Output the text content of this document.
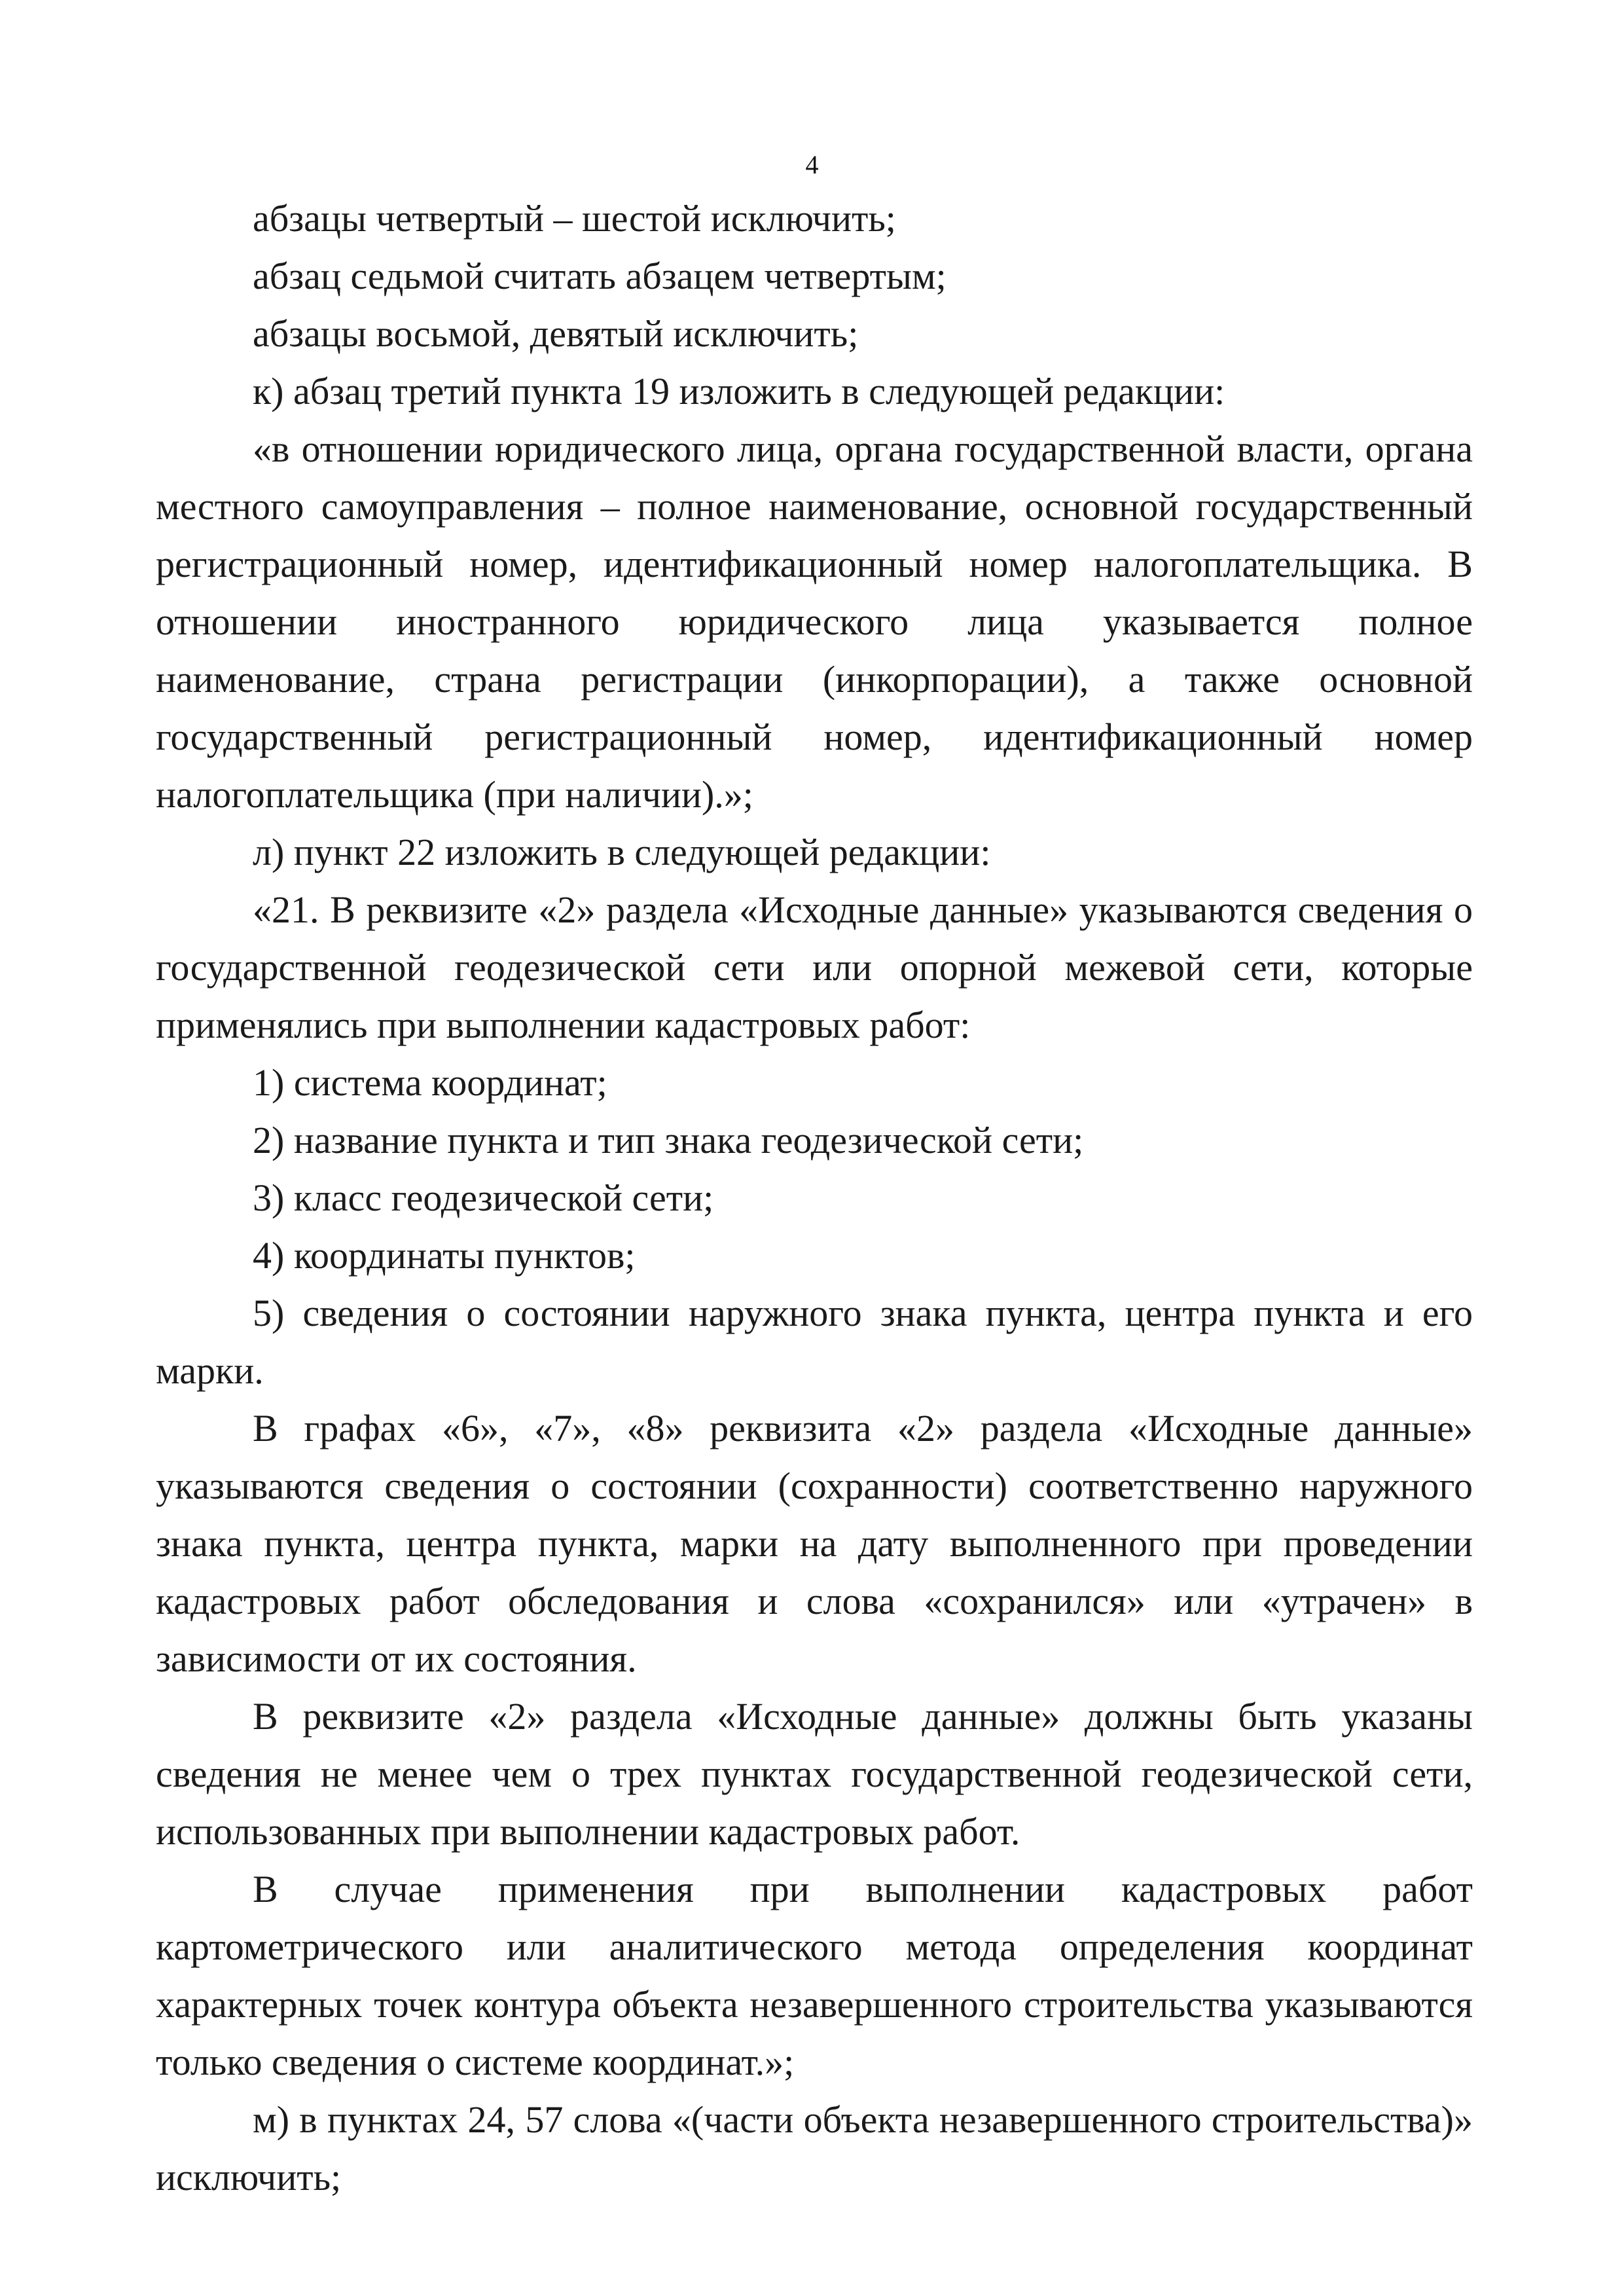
4

абзацы четвертый – шестой исключить;

абзац седьмой считать абзацем четвертым;

абзацы восьмой, девятый исключить;

к) абзац третий пункта 19 изложить в следующей редакции:

«в отношении юридического лица, органа государственной власти, органа местного самоуправления – полное наименование, основной государственный регистрационный номер, идентификационный номер налогоплательщика. В отношении иностранного юридического лица указывается полное наименование, страна регистрации (инкорпорации), а также основной государственный регистрационный номер, идентификационный номер налогоплательщика (при наличии).»;

л) пункт 22 изложить в следующей редакции:

«21. В реквизите «2» раздела «Исходные данные» указываются сведения о государственной геодезической сети или опорной межевой сети, которые применялись при выполнении кадастровых работ:

1) система координат;

2) название пункта и тип знака геодезической сети;

3) класс геодезической сети;

4) координаты пунктов;

5) сведения о состоянии наружного знака пункта, центра пункта и его марки.

В графах «6», «7», «8» реквизита «2» раздела «Исходные данные» указываются сведения о состоянии (сохранности) соответственно наружного знака пункта, центра пункта, марки на дату выполненного при проведении кадастровых работ обследования и слова «сохранился» или «утрачен» в зависимости от их состояния.

В реквизите «2» раздела «Исходные данные» должны быть указаны сведения не менее чем о трех пунктах государственной геодезической сети, использованных при выполнении кадастровых работ.

В случае применения при выполнении кадастровых работ картометрического или аналитического метода определения координат характерных точек контура объекта незавершенного строительства указываются только сведения о системе координат.»;

м) в пунктах 24, 57 слова «(части объекта незавершенного строительства)» исключить;
